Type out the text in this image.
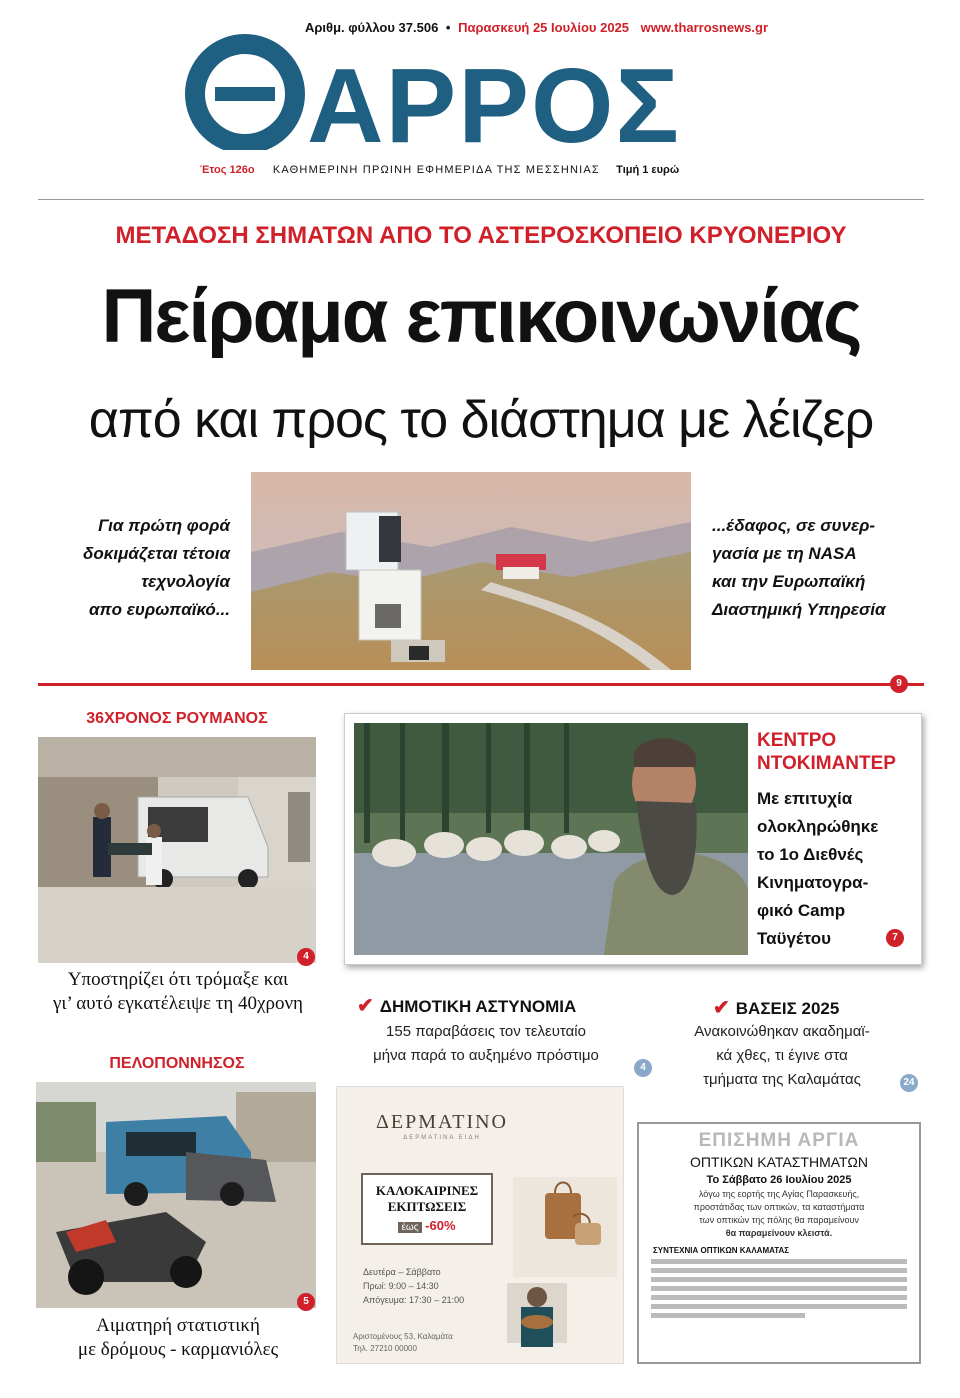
Αριθμ. φύλλου 37.506 • Παρασκευή 25 Ιουλίου 2025 www.tharrosnews.gr
ΑΡΡΟΣ
Έτος 126ο ΚΑΘΗΜΕΡΙΝΗ ΠΡΩΙΝΗ ΕΦΗΜΕΡΙΔΑ ΤΗΣ ΜΕΣΣΗΝΙΑΣ Τιμή 1 ευρώ
ΜΕΤΑΔΟΣΗ ΣΗΜΑΤΩΝ ΑΠΟ ΤΟ ΑΣΤΕΡΟΣΚΟΠΕΙΟ ΚΡΥΟΝΕΡΙΟΥ
Πείραμα επικοινωνίας
από και προς το διάστημα με λέιζερ
Για πρώτη φορά
δοκιμάζεται τέτοια
τεχνολογία
απο ευρωπαϊκό...
...έδαφος, σε συνερ-
γασία με τη NASA
και την Ευρωπαϊκή
Διαστημική Υπηρεσία
9
36ΧΡΟΝΟΣ ΡΟΥΜΑΝΟΣ
4
Υποστηρίζει ότι τρόμαξε και
γι’ αυτό εγκατέλειψε τη 40χρονη
ΠΕΛΟΠΟΝΝΗΣΟΣ
5
Αιματηρή στατιστική
με δρόμους - καρμανιόλες
ΚΕΝΤΡΟ
ΝΤΟΚΙΜΑΝΤΕΡ
Με επιτυχία
ολοκληρώθηκε
το 1ο Διεθνές
Κινηματογρα-
φικό Camp
Ταϋγέτου	7
✔ ΔΗΜΟΤΙΚΗ ΑΣΤΥΝΟΜΙΑ
155 παραβάσεις τον τελευταίο
μήνα παρά το αυξημένο πρόστιμο
4
✔ ΒΑΣΕΙΣ 2025
Ανακοινώθηκαν ακαδημαϊ-
κά χθες, τι έγινε στα
τμήματα της Καλαμάτας	24
ΔΕΡΜΑΤΙΝΟ
ΔΕΡΜΑΤΙΝΑ ΕΙΔΗ
ΚΑΛΟΚΑΙΡΙΝΕΣ
ΕΚΠΤΩΣΕΙΣ
έως -60%
Δευτέρα – Σάββατο
Πρωί: 9:00 – 14:30
Απόγευμα: 17:30 – 21:00
Αριστομένους 53, Καλαμάτα
Τηλ. 27210 00000
ΕΠΙΣΗΜΗ ΑΡΓΙΑ
ΟΠΤΙΚΩΝ ΚΑΤΑΣΤΗΜΑΤΩΝ
Το Σάββατο 26 Ιουλίου 2025
λόγω της εορτής της Αγίας Παρασκευής,
προστάτιδας των οπτικών, τα καταστήματα
των οπτικών της πόλης θα παραμείνουν
θα παραμείνουν κλειστά.
ΣΥΝΤΕΧΝΙΑ ΟΠΤΙΚΩΝ ΚΑΛΑΜΑΤΑΣ
